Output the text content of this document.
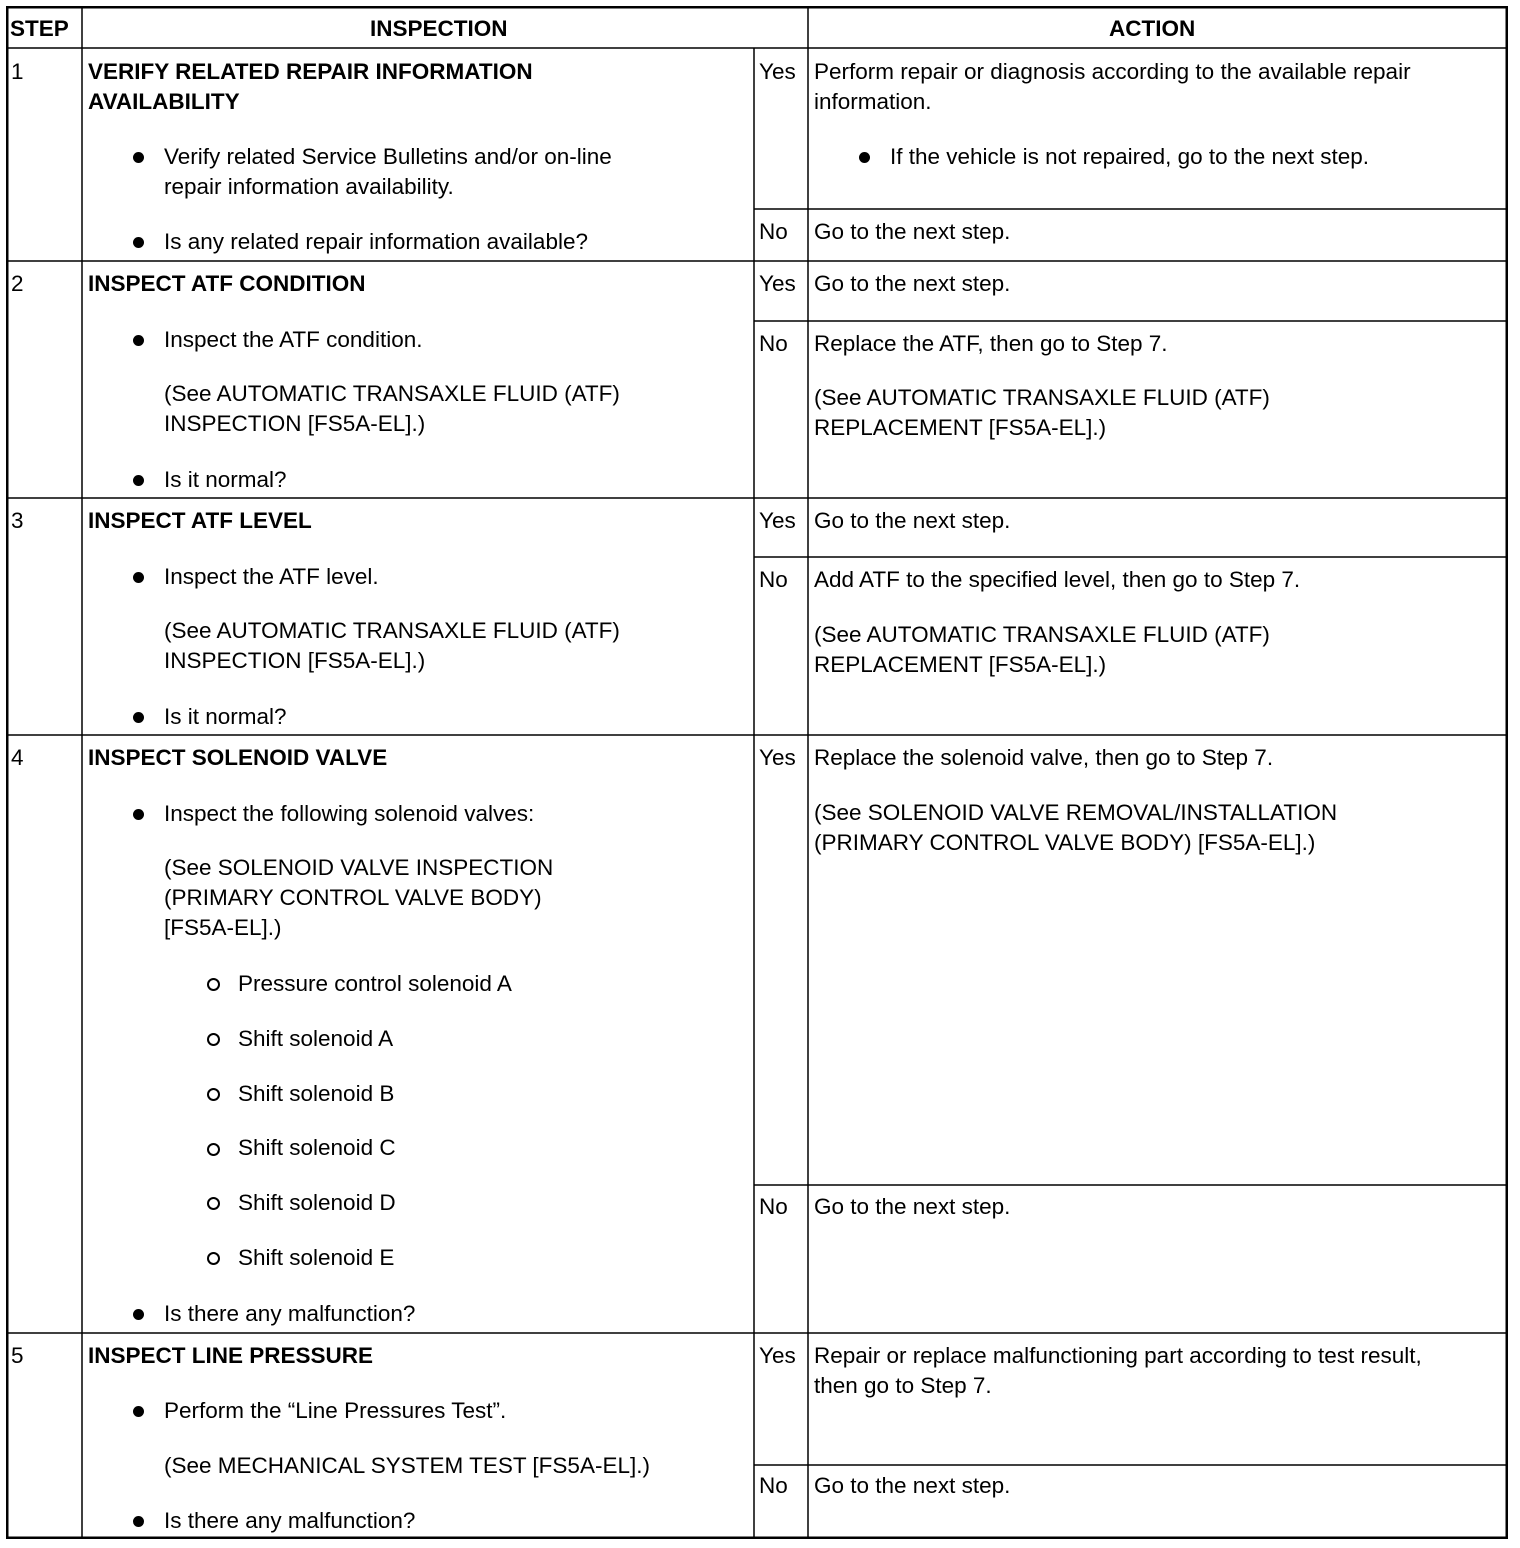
STEP	INSPECTION	ACTION
1	VERIFY RELATED REPAIR INFORMATION
AVAILABILITY
Verify related Service Bulletins and/or on-line
repair information availability.
Is any related repair information available?
Yes Perform repair or diagnosis according to the available repair
information.
If the vehicle is not repaired, go to the next step.
No Go to the next step.
2	INSPECT ATF CONDITION
Inspect the ATF condition.
(See AUTOMATIC TRANSAXLE FLUID (ATF)
INSPECTION [FS5A-EL].)
Is it normal?
Yes Go to the next step.
No Replace the ATF, then go to Step 7.
(See AUTOMATIC TRANSAXLE FLUID (ATF)
REPLACEMENT [FS5A-EL].)
3	INSPECT ATF LEVEL
Inspect the ATF level.
(See AUTOMATIC TRANSAXLE FLUID (ATF)
INSPECTION [FS5A-EL].)
Is it normal?
Yes Go to the next step.
No Add ATF to the specified level, then go to Step 7.
(See AUTOMATIC TRANSAXLE FLUID (ATF)
REPLACEMENT [FS5A-EL].)
4	INSPECT SOLENOID VALVE
Inspect the following solenoid valves:
(See SOLENOID VALVE INSPECTION
(PRIMARY CONTROL VALVE BODY)
[FS5A-EL].)
Pressure control solenoid A
Shift solenoid A
Shift solenoid B
Shift solenoid C
Shift solenoid D
Shift solenoid E
Is there any malfunction?
Yes Replace the solenoid valve, then go to Step 7.
(See SOLENOID VALVE REMOVAL/INSTALLATION
(PRIMARY CONTROL VALVE BODY) [FS5A-EL].)
No Go to the next step.
5	INSPECT LINE PRESSURE
Perform the “Line Pressures Test”.
(See MECHANICAL SYSTEM TEST [FS5A-EL].)
Is there any malfunction?
Yes Repair or replace malfunctioning part according to test result,
then go to Step 7.
No Go to the next step.
